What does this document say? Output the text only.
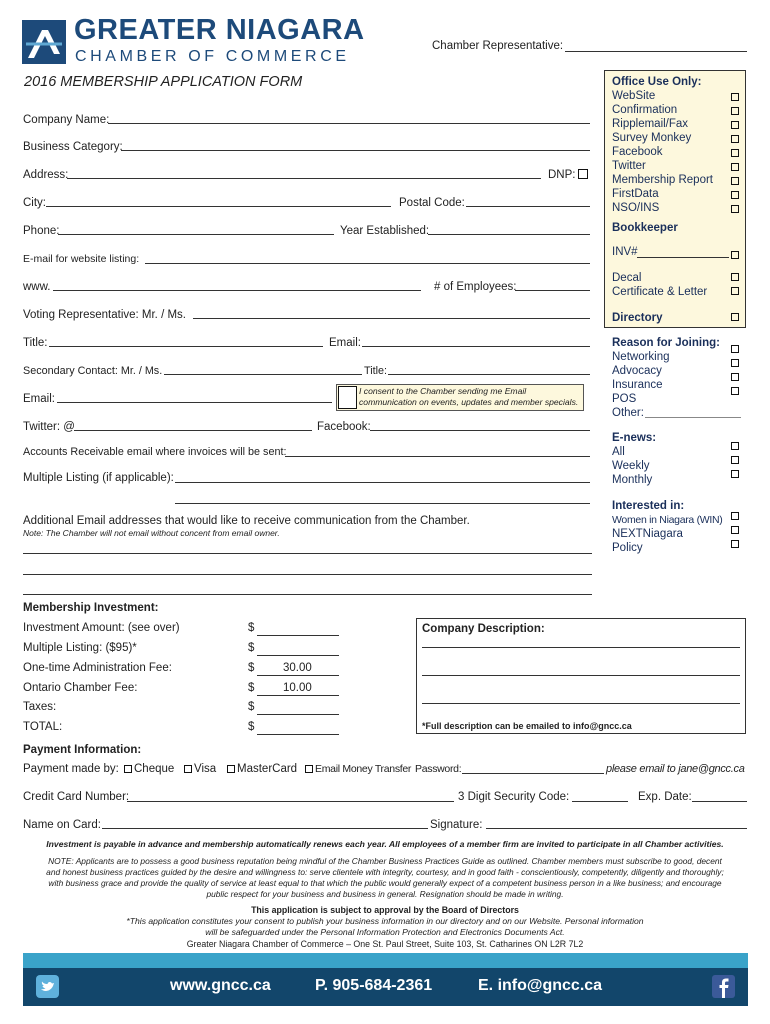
GREATER NIAGARA
CHAMBER OF COMMERCE
Chamber Representative:
2016 MEMBERSHIP APPLICATION FORM
Company Name:
Business Category:
Address:	DNP:
City:	Postal Code:
Phone:	Year Established:
E-mail for website listing:
www.	# of Employees:
Voting Representative: Mr. / Ms.
Title:	Email:
Secondary Contact: Mr. / Ms.	Title:
Email:
I consent to the Chamber sending me Email
communication on events, updates and member specials.
Twitter: @	Facebook:
Accounts Receivable email where invoices will be sent:
Multiple Listing (if applicable):
Additional Email addresses that would like to receive communication from the Chamber.
Note: The Chamber will not email without concent from email owner.
Office Use Only:
WebSite
Confirmation
Ripplemail/Fax
Survey Monkey
Facebook
Twitter
Membership Report
FirstData
NSO/INS
Bookkeeper
INV#
Decal
Certificate & Letter
Directory
Reason for Joining:
Networking
Advocacy
Insurance
POS
Other:
E-news:
All
Weekly
Monthly
Interested in:
Women in Niagara (WIN)
NEXTNiagara
Policy
Membership Investment:
Investment Amount: (see over)	$
Multiple Listing: ($95)*	$
One-time Administration Fee:	$ 30.00
Ontario Chamber Fee:	$ 10.00
Taxes:	$
TOTAL:	$
Company Description:
*Full description can be emailed to info@gncc.ca
Payment Information:
Payment made by: Cheque Visa MasterCard Email Money Transfer Password:	please email to jane@gncc.ca
Credit Card Number:	3 Digit Security Code:	Exp. Date:
Name on Card:	Signature:
Investment is payable in advance and membership automatically renews each year. All employees of a member firm are invited to participate in all Chamber activities.
NOTE: Applicants are to possess a good business reputation being mindful of the Chamber Business Practices Guide as outlined. Chamber members must subscribe to good, decent
and honest business practices guided by the desire and willingness to: serve clientele with integrity, courtesy, and in good faith - conscientiously, competently, diligently and thoroughly;
with business grace and provide the quality of service at least equal to that which the public would generally expect of a competent business person in a like business; and encourage
public respect for your business and business in general. Resignation should be made in writing.
This application is subject to approval by the Board of Directors
*This application constitutes your consent to publish your business information in our directory and on our Website. Personal information
will be safeguarded under the Personal Information Protection and Electronics Documents Act.
Greater Niagara Chamber of Commerce – One St. Paul Street, Suite 103, St. Catharines ON L2R 7L2
www.gncc.ca	P. 905-684-2361	E. info@gncc.ca
